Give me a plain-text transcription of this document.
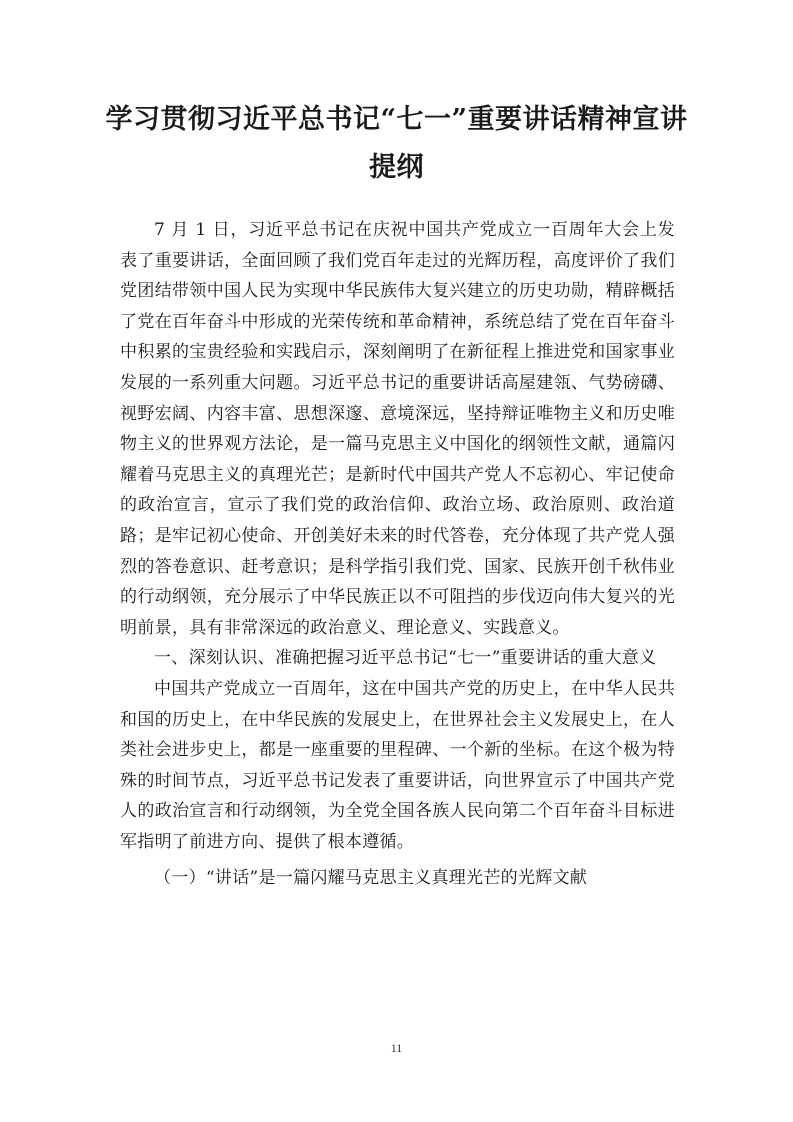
学习贯彻习近平总书记“七一”重要讲话精神宣讲提纲

7 月 1 日，习近平总书记在庆祝中国共产党成立一百周年大会上发表了重要讲话，全面回顾了我们党百年走过的光辉历程，高度评价了我们党团结带领中国人民为实现中华民族伟大复兴建立的历史功勋，精辟概括了党在百年奋斗中形成的光荣传统和革命精神，系统总结了党在百年奋斗中积累的宝贵经验和实践启示，深刻阐明了在新征程上推进党和国家事业发展的一系列重大问题。习近平总书记的重要讲话高屋建瓴、气势磅礴、视野宏阔、内容丰富、思想深邃、意境深远，坚持辩证唯物主义和历史唯物主义的世界观方法论，是一篇马克思主义中国化的纲领性文献，通篇闪耀着马克思主义的真理光芒；是新时代中国共产党人不忘初心、牢记使命的政治宣言，宣示了我们党的政治信仰、政治立场、政治原则、政治道路；是牢记初心使命、开创美好未来的时代答卷，充分体现了共产党人强烈的答卷意识、赶考意识；是科学指引我们党、国家、民族开创千秋伟业的行动纲领，充分展示了中华民族正以不可阻挡的步伐迈向伟大复兴的光明前景，具有非常深远的政治意义、理论意义、实践意义。

一、深刻认识、准确把握习近平总书记“七一”重要讲话的重大意义

中国共产党成立一百周年，这在中国共产党的历史上，在中华人民共和国的历史上，在中华民族的发展史上，在世界社会主义发展史上，在人类社会进步史上，都是一座重要的里程碑、一个新的坐标。在这个极为特殊的时间节点，习近平总书记发表了重要讲话，向世界宣示了中国共产党人的政治宣言和行动纲领，为全党全国各族人民向第二个百年奋斗目标进军指明了前进方向、提供了根本遵循。

（一）“讲话”是一篇闪耀马克思主义真理光芒的光辉文献

11
